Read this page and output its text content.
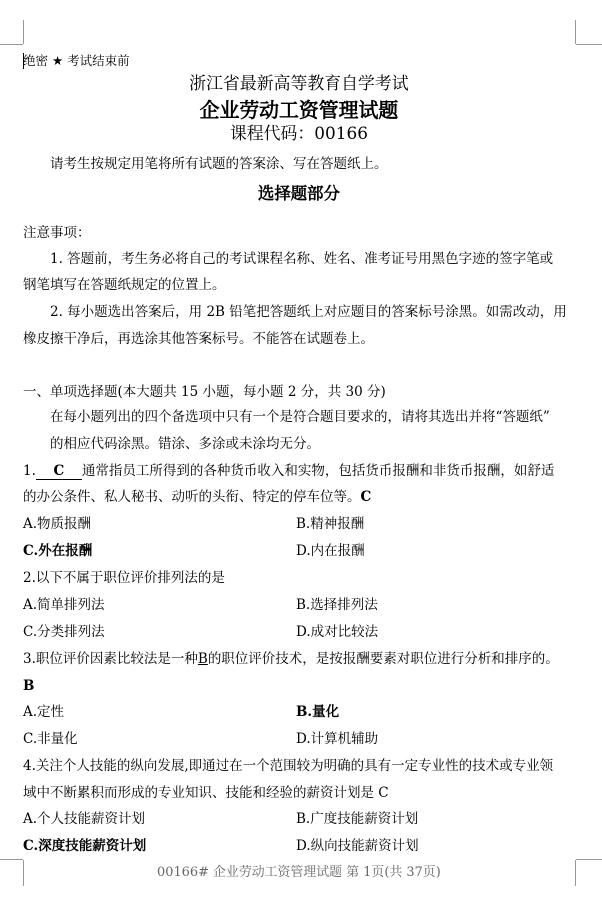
绝密 ★ 考试结束前
浙江省最新高等教育自学考试
企业劳动工资管理试题
课程代码：00166
请考生按规定用笔将所有试题的答案涂、写在答题纸上。
选择题部分
注意事项：
1. 答题前，考生务必将自己的考试课程名称、姓名、准考证号用黑色字迹的签字笔或
钢笔填写在答题纸规定的位置上。
2. 每小题选出答案后，用 2B 铅笔把答题纸上对应题目的答案标号涂黑。如需改动，用
橡皮擦干净后，再选涂其他答案标号。不能答在试题卷上。
一、单项选择题(本大题共 15 小题，每小题 2 分，共 30 分)
在每小题列出的四个备选项中只有一个是符合题目要求的，请将其选出并将“答题纸”
的相应代码涂黑。错涂、多涂或未涂均无分。
1. C 通常指员工所得到的各种货币收入和实物，包括货币报酬和非货币报酬，如舒适
的办公条件、私人秘书、动听的头衔、特定的停车位等。C
A.物质报酬	B.精神报酬
C.外在报酬	D.内在报酬
2.以下不属于职位评价排列法的是
A.简单排列法	B.选择排列法
C.分类排列法	D.成对比较法
3.职位评价因素比较法是一种B的职位评价技术，是按报酬要素对职位进行分析和排序的。
B
A.定性	B.量化
C.非量化	D.计算机辅助
4.关注个人技能的纵向发展,即通过在一个范围较为明确的具有一定专业性的技术或专业领
域中不断累积而形成的专业知识、技能和经验的薪资计划是 C
A.个人技能薪资计划	B.广度技能薪资计划
C.深度技能薪资计划	D.纵向技能薪资计划
00166# 企业劳动工资管理试题 第 1页(共 37页)
